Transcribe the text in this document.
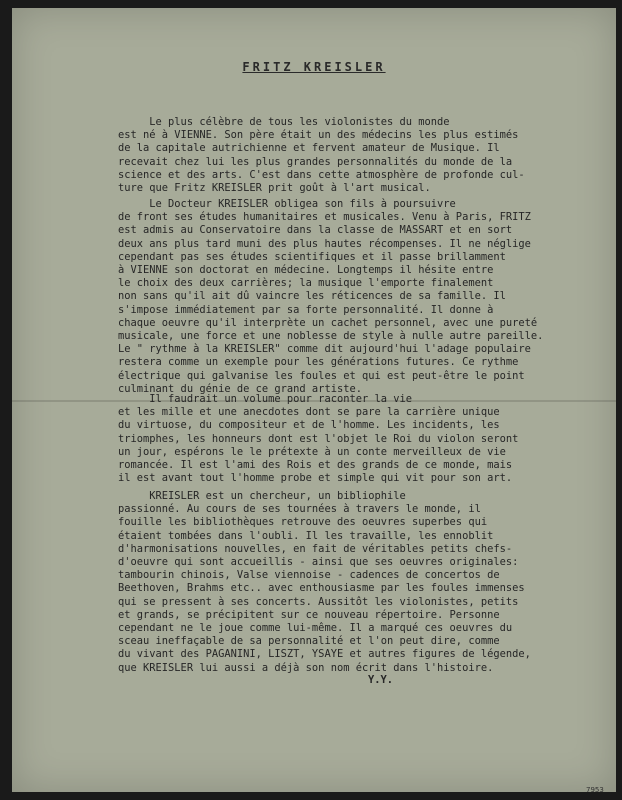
FRITZ KREISLER
Le plus célèbre de tous les violonistes du monde
est né à VIENNE. Son père était un des médecins les plus estimés
de la capitale autrichienne et fervent amateur de Musique. Il
recevait chez lui les plus grandes personnalités du monde de la
science et des arts. C'est dans cette atmosphère de profonde cul-
ture que Fritz KREISLER prit goût à l'art musical.
Le Docteur KREISLER obligea son fils à poursuivre
de front ses études humanitaires et musicales. Venu à Paris, FRITZ
est admis au Conservatoire dans la classe de MASSART et en sort
deux ans plus tard muni des plus hautes récompenses. Il ne néglige
cependant pas ses études scientifiques et il passe brillamment
à VIENNE son doctorat en médecine. Longtemps il hésite entre
le choix des deux carrières; la musique l'emporte finalement
non sans qu'il ait dû vaincre les réticences de sa famille. Il
s'impose immédiatement par sa forte personnalité. Il donne à
chaque oeuvre qu'il interprète un cachet personnel, avec une pureté
musicale, une force et une noblesse de style à nulle autre pareille.
Le " rythme à la KREISLER" comme dit aujourd'hui l'adage populaire
restera comme un exemple pour les générations futures. Ce rythme
électrique qui galvanise les foules et qui est peut-être le point
culminant du génie de ce grand artiste.
Il faudrait un volume pour raconter la vie
et les mille et une anecdotes dont se pare la carrière unique
du virtuose, du compositeur et de l'homme. Les incidents, les
triomphes, les honneurs dont est l'objet le Roi du violon seront
un jour, espérons le le prétexte à un conte merveilleux de vie
romancée. Il est l'ami des Rois et des grands de ce monde, mais
il est avant tout l'homme probe et simple qui vit pour son art.
KREISLER est un chercheur, un bibliophile
passionné. Au cours de ses tournées à travers le monde, il
fouille les bibliothèques retrouve des oeuvres superbes qui
étaient tombées dans l'oubli. Il les travaille, les ennoblit
d'harmonisations nouvelles, en fait de véritables petits chefs-
d'oeuvre qui sont accueillis - ainsi que ses oeuvres originales:
tambourin chinois, Valse viennoise - cadences de concertos de
Beethoven, Brahms etc.. avec enthousiasme par les foules immenses
qui se pressent à ses concerts. Aussitôt les violonistes, petits
et grands, se précipitent sur ce nouveau répertoire. Personne
cependant ne le joue comme lui-même. Il a marqué ces oeuvres du
sceau ineffaçable de sa personnalité et l'on peut dire, comme
du vivant des PAGANINI, LISZT, YSAYE et autres figures de légende,
que KREISLER lui aussi a déjà son nom écrit dans l'histoire.
Y.Y.
7953
